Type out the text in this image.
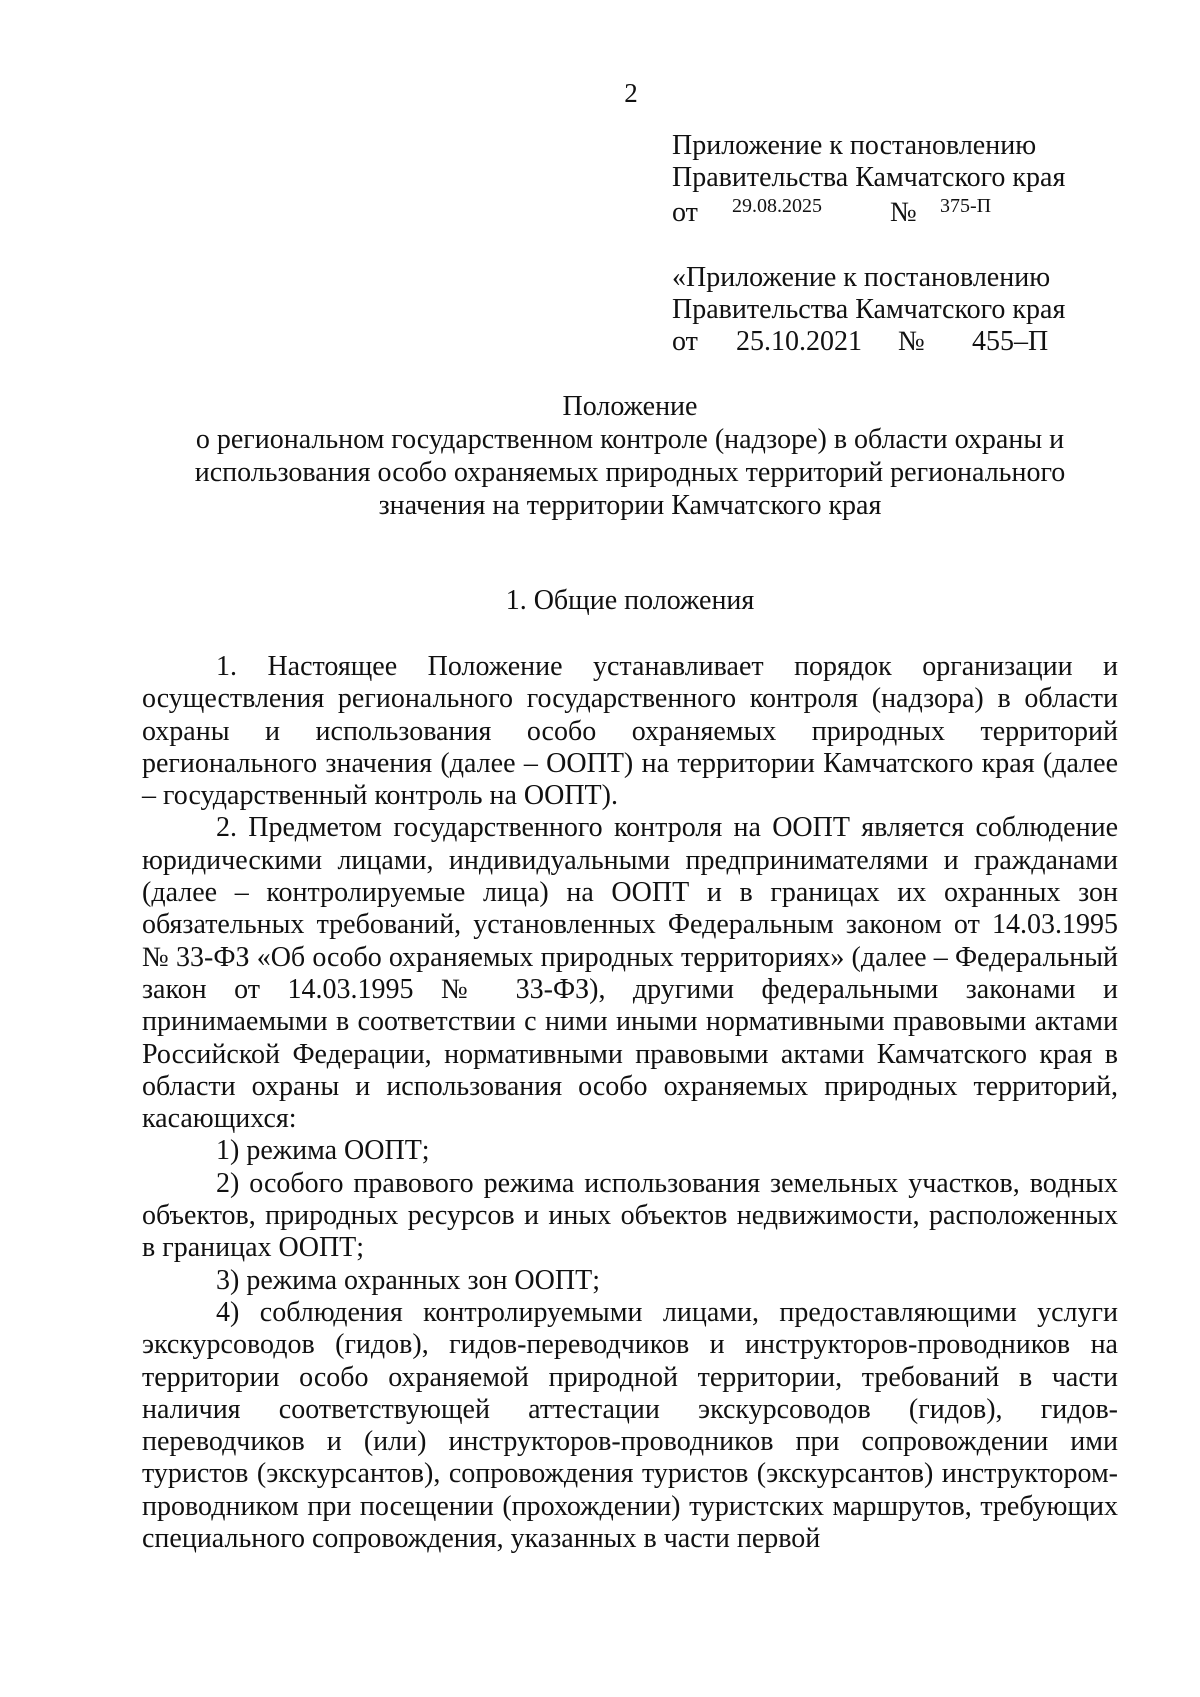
2
Приложение к постановлению
Правительства Камчатского края
от 29.08.2025 № 375-П
«Приложение к постановлению
Правительства Камчатского края
от 25.10.2021 № 455–П
Положение
о региональном государственном контроле (надзоре) в области охраны и
использования особо охраняемых природных территорий регионального
значения на территории Камчатского края
1. Общие положения

1. Настоящее Положение устанавливает порядок организации и осуществления регионального государственного контроля (надзора) в области охраны и использования особо охраняемых природных территорий регионального значения (далее – ООПТ) на территории Камчатского края (далее – государственный контроль на ООПТ).

2. Предметом государственного контроля на ООПТ является соблюдение юридическими лицами, индивидуальными предпринимателями и гражданами (далее – контролируемые лица) на ООПТ и в границах их охранных зон обязательных требований, установленных Федеральным законом от 14.03.1995 № 33-ФЗ «Об особо охраняемых природных территориях» (далее – Федеральный закон от 14.03.1995 № 33-ФЗ), другими федеральными законами и принимаемыми в соответствии с ними иными нормативными правовыми актами Российской Федерации, нормативными правовыми актами Камчатского края в области охраны и использования особо охраняемых природных территорий, касающихся:

1) режима ООПТ;

2) особого правового режима использования земельных участков, водных объектов, природных ресурсов и иных объектов недвижимости, расположенных в границах ООПТ;

3) режима охранных зон ООПТ;

4) соблюдения контролируемыми лицами, предоставляющими услуги экскурсоводов (гидов), гидов-переводчиков и инструкторов-проводников на территории особо охраняемой природной территории, требований в части наличия соответствующей аттестации экскурсоводов (гидов), гидов-переводчиков и (или) инструкторов-проводников при сопровождении ими туристов (экскурсантов), сопровождения туристов (экскурсантов) инструктором-проводником при посещении (прохождении) туристских маршрутов, требующих специального сопровождения, указанных в части первой
